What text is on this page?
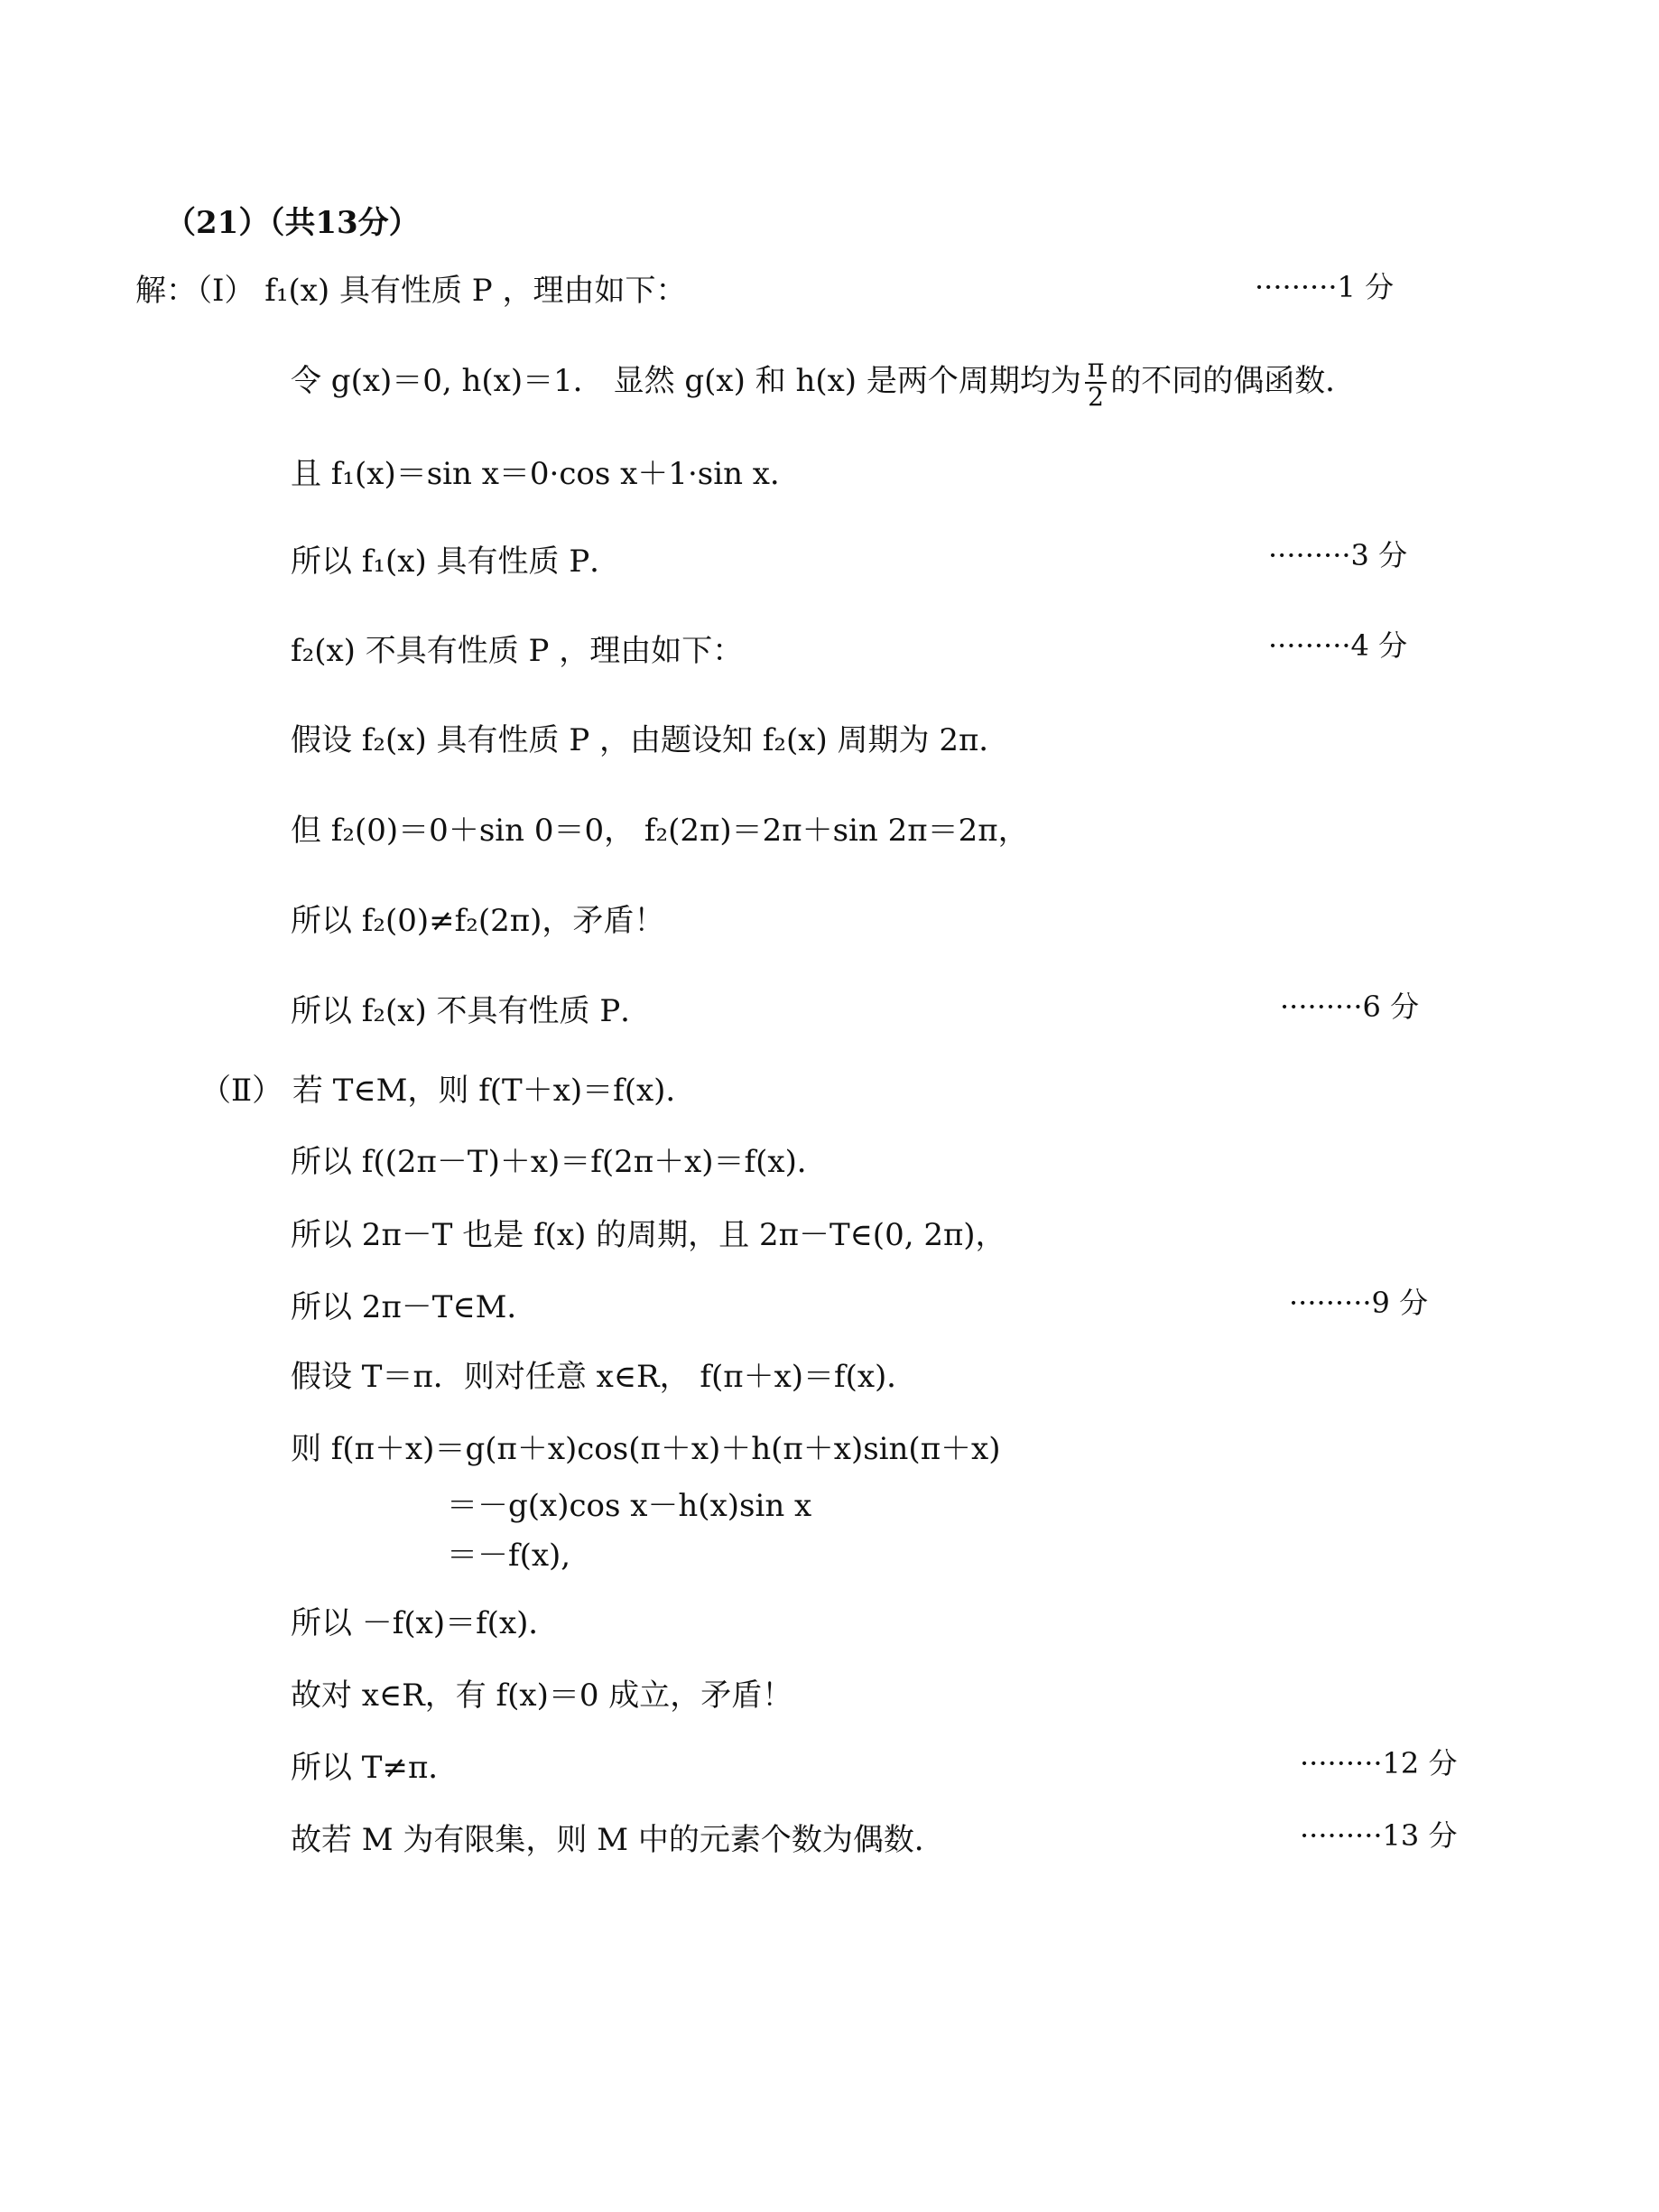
（21）（共13分）
解：（Ⅰ） f₁(x) 具有性质 P ，理由如下：	·········1 分
令 g(x)＝0, h(x)＝1． 显然 g(x) 和 h(x) 是两个周期均为 $\frac{\pi}{2}$ 的不同的偶函数．
且 f₁(x)＝sin x＝0·cos x＋1·sin x．
所以 f₁(x) 具有性质 P．	·········3 分
f₂(x) 不具有性质 P ，理由如下：	·········4 分
假设 f₂(x) 具有性质 P ，由题设知 f₂(x) 周期为 2π．
但 f₂(0)＝0＋sin 0＝0， f₂(2π)＝2π＋sin 2π＝2π，
所以 f₂(0)≠f₂(2π)，矛盾！
所以 f₂(x) 不具有性质 P．	·········6 分
（Ⅱ） 若 T∈M，则 f(T＋x)＝f(x)．
所以 f((2π－T)＋x)＝f(2π＋x)＝f(x)．
所以 2π－T 也是 f(x) 的周期，且 2π－T∈(0, 2π)，
所以 2π－T∈M．	·········9 分
假设 T＝π．则对任意 x∈R， f(π＋x)＝f(x)．
则 f(π＋x)＝g(π＋x)cos(π＋x)＋h(π＋x)sin(π＋x)
＝－g(x)cos x－h(x)sin x
＝－f(x),
所以 －f(x)＝f(x)．
故对 x∈R，有 f(x)＝0 成立，矛盾！
所以 T≠π．	·········12 分
故若 M 为有限集，则 M 中的元素个数为偶数．	·········13 分
